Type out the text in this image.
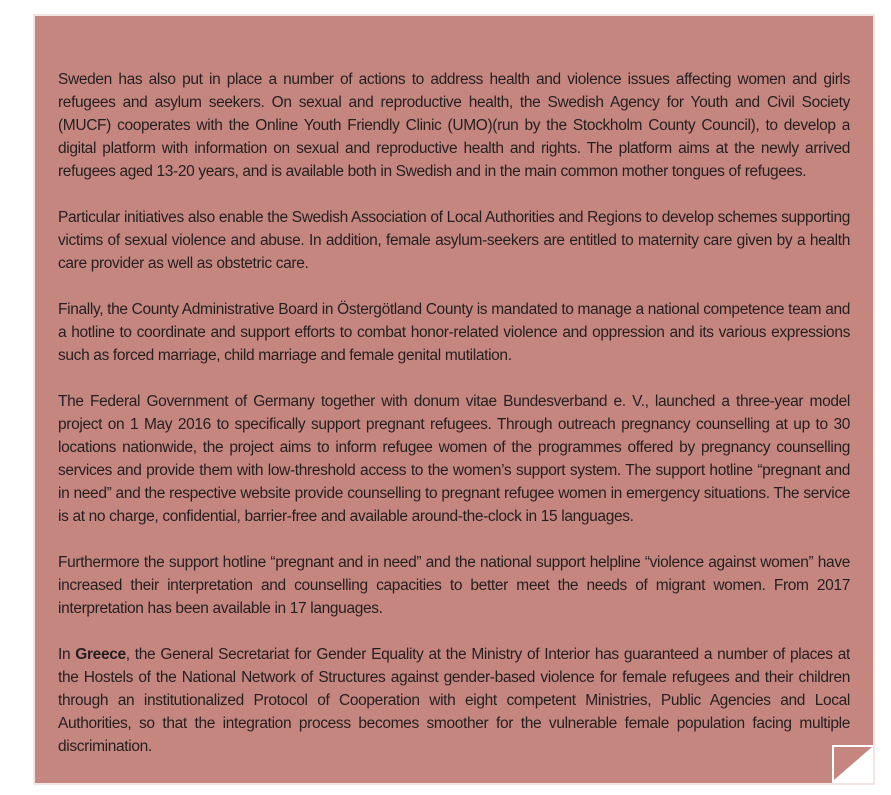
Sweden has also put in place a number of actions to address health and violence issues affecting women and girls refugees and asylum seekers. On sexual and reproductive health, the Swedish Agency for Youth and Civil Society (MUCF) cooperates with the Online Youth Friendly Clinic (UMO)(run by the Stockholm County Council), to develop a digital platform with information on sexual and reproductive health and rights. The platform aims at the newly arrived refugees aged 13-20 years, and is available both in Swedish and in the main common mother tongues of refugees.

Particular initiatives also enable the Swedish Association of Local Authorities and Regions to develop schemes supporting victims of sexual violence and abuse. In addition, female asylum-seekers are entitled to maternity care given by a health care provider as well as obstetric care.

Finally, the County Administrative Board in Östergötland County is mandated to manage a national competence team and a hotline to coordinate and support efforts to combat honor-related violence and oppression and its various expressions such as forced marriage, child marriage and female genital mutilation.

The Federal Government of Germany together with donum vitae Bundesverband e. V., launched a three-year model project on 1 May 2016 to specifically support pregnant refugees. Through outreach pregnancy counselling at up to 30 locations nationwide, the project aims to inform refugee women of the programmes offered by pregnancy counselling services and provide them with low-threshold access to the women’s support system. The support hotline “pregnant and in need” and the respective website provide counselling to pregnant refugee women in emergency situations. The service is at no charge, confidential, barrier-free and available around-the-clock in 15 languages.

Furthermore the support hotline “pregnant and in need” and the national support helpline “violence against women” have increased their interpretation and counselling capacities to better meet the needs of migrant women. From 2017 interpretation has been available in 17 languages.

In Greece, the General Secretariat for Gender Equality at the Ministry of Interior has guaranteed a number of places at the Hostels of the National Network of Structures against gender-based violence for female refugees and their children through an institutionalized Protocol of Cooperation with eight competent Ministries, Public Agencies and Local Authorities, so that the integration process becomes smoother for the vulnerable female population facing multiple discrimination.
